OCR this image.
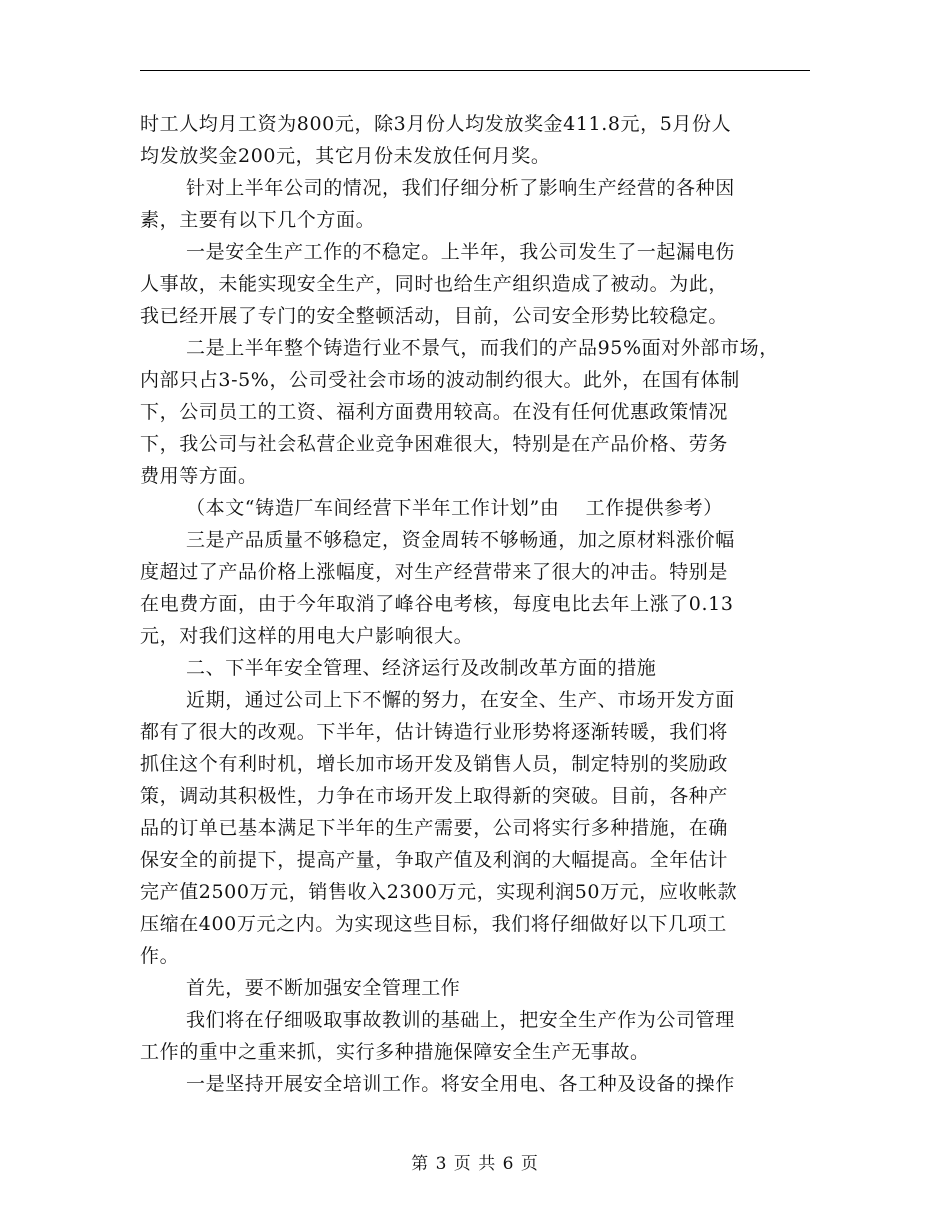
时工人均月工资为800元，除3月份人均发放奖金411.8元，5月份人
均发放奖金200元，其它月份未发放任何月奖。
针对上半年公司的情况，我们仔细分析了影响生产经营的各种因
素，主要有以下几个方面。
一是安全生产工作的不稳定。上半年，我公司发生了一起漏电伤
人事故，未能实现安全生产，同时也给生产组织造成了被动。为此，
我已经开展了专门的安全整顿活动，目前，公司安全形势比较稳定。
二是上半年整个铸造行业不景气，而我们的产品95%面对外部市场，
内部只占3-5%，公司受社会市场的波动制约很大。此外，在国有体制
下，公司员工的工资、福利方面费用较高。在没有任何优惠政策情况
下，我公司与社会私营企业竞争困难很大，特别是在产品价格、劳务
费用等方面。
（本文“铸造厂车间经营下半年工作计划”由　 工作提供参考）
三是产品质量不够稳定，资金周转不够畅通，加之原材料涨价幅
度超过了产品价格上涨幅度，对生产经营带来了很大的冲击。特别是
在电费方面，由于今年取消了峰谷电考核，每度电比去年上涨了0.13
元，对我们这样的用电大户影响很大。
二、下半年安全管理、经济运行及改制改革方面的措施
近期，通过公司上下不懈的努力，在安全、生产、市场开发方面
都有了很大的改观。下半年，估计铸造行业形势将逐渐转暖，我们将
抓住这个有利时机，增长加市场开发及销售人员，制定特别的奖励政
策，调动其积极性，力争在市场开发上取得新的突破。目前，各种产
品的订单已基本满足下半年的生产需要，公司将实行多种措施，在确
保安全的前提下，提高产量，争取产值及利润的大幅提高。全年估计
完产值2500万元，销售收入2300万元，实现利润50万元，应收帐款
压缩在400万元之内。为实现这些目标，我们将仔细做好以下几项工
作。
首先，要不断加强安全管理工作
我们将在仔细吸取事故教训的基础上，把安全生产作为公司管理
工作的重中之重来抓，实行多种措施保障安全生产无事故。
一是坚持开展安全培训工作。将安全用电、各工种及设备的操作
第 3 页 共 6 页
